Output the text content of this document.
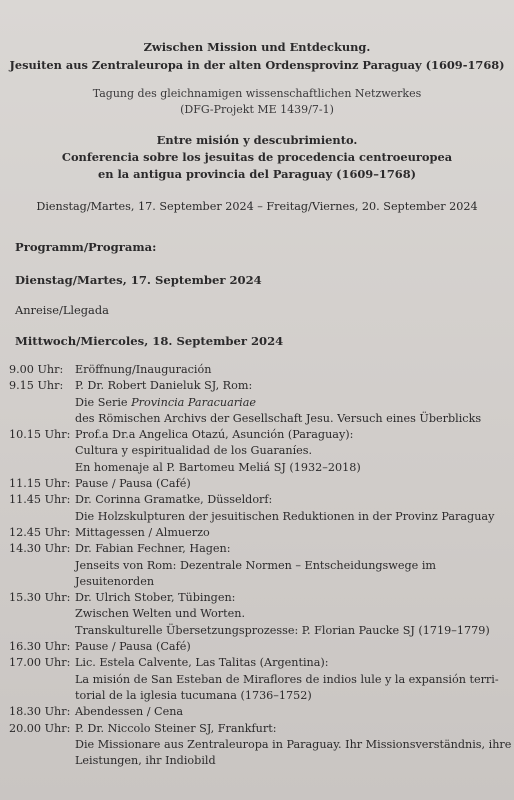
Zwischen Mission und Entdeckung.
Jesuiten aus Zentraleuropa in der alten Ordensprovinz Paraguay (1609-1768)
Tagung des gleichnamigen wissenschaftlichen Netzwerkes
(DFG-Projekt ME 1439/7-1)
Entre misión y descubrimiento.
Conferencia sobre los jesuitas de procedencia centroeuropea
en la antigua provincia del Paraguay (1609–1768)
Dienstag/Martes, 17. September 2024 – Freitag/Viernes, 20. September 2024
Programm/Programa:
Dienstag/Martes, 17. September 2024
Anreise/Llegada
Mittwoch/Miercoles, 18. September 2024
9.00 Uhr:	Eröffnung/Inauguración
9.15 Uhr:	P. Dr. Robert Danieluk SJ, Rom:
Die Serie Provincia Paracuariae
des Römischen Archivs der Gesellschaft Jesu. Versuch eines Überblicks
10.15 Uhr: Prof.a Dr.a Angelica Otazú, Asunción (Paraguay):
Cultura y espiritualidad de los Guaraníes.
En homenaje al P. Bartomeu Meliá SJ (1932–2018)
11.15 Uhr: Pause / Pausa (Café)
11.45 Uhr: Dr. Corinna Gramatke, Düsseldorf:
Die Holzskulpturen der jesuitischen Reduktionen in der Provinz Paraguay
12.45 Uhr: Mittagessen / Almuerzo
14.30 Uhr: Dr. Fabian Fechner, Hagen:
Jenseits von Rom: Dezentrale Normen – Entscheidungswege im
Jesuitenorden
15.30 Uhr: Dr. Ulrich Stober, Tübingen:
Zwischen Welten und Worten.
Transkulturelle Übersetzungsprozesse: P. Florian Paucke SJ (1719–1779)
16.30 Uhr: Pause / Pausa (Café)
17.00 Uhr: Lic. Estela Calvente, Las Talitas (Argentina):
La misión de San Esteban de Miraflores de indios lule y la expansión terri-
torial de la iglesia tucumana (1736–1752)
18.30 Uhr: Abendessen / Cena
20.00 Uhr: P. Dr. Niccolo Steiner SJ, Frankfurt:
Die Missionare aus Zentraleuropa in Paraguay. Ihr Missionsverständnis, ihre
Leistungen, ihr Indiobild
